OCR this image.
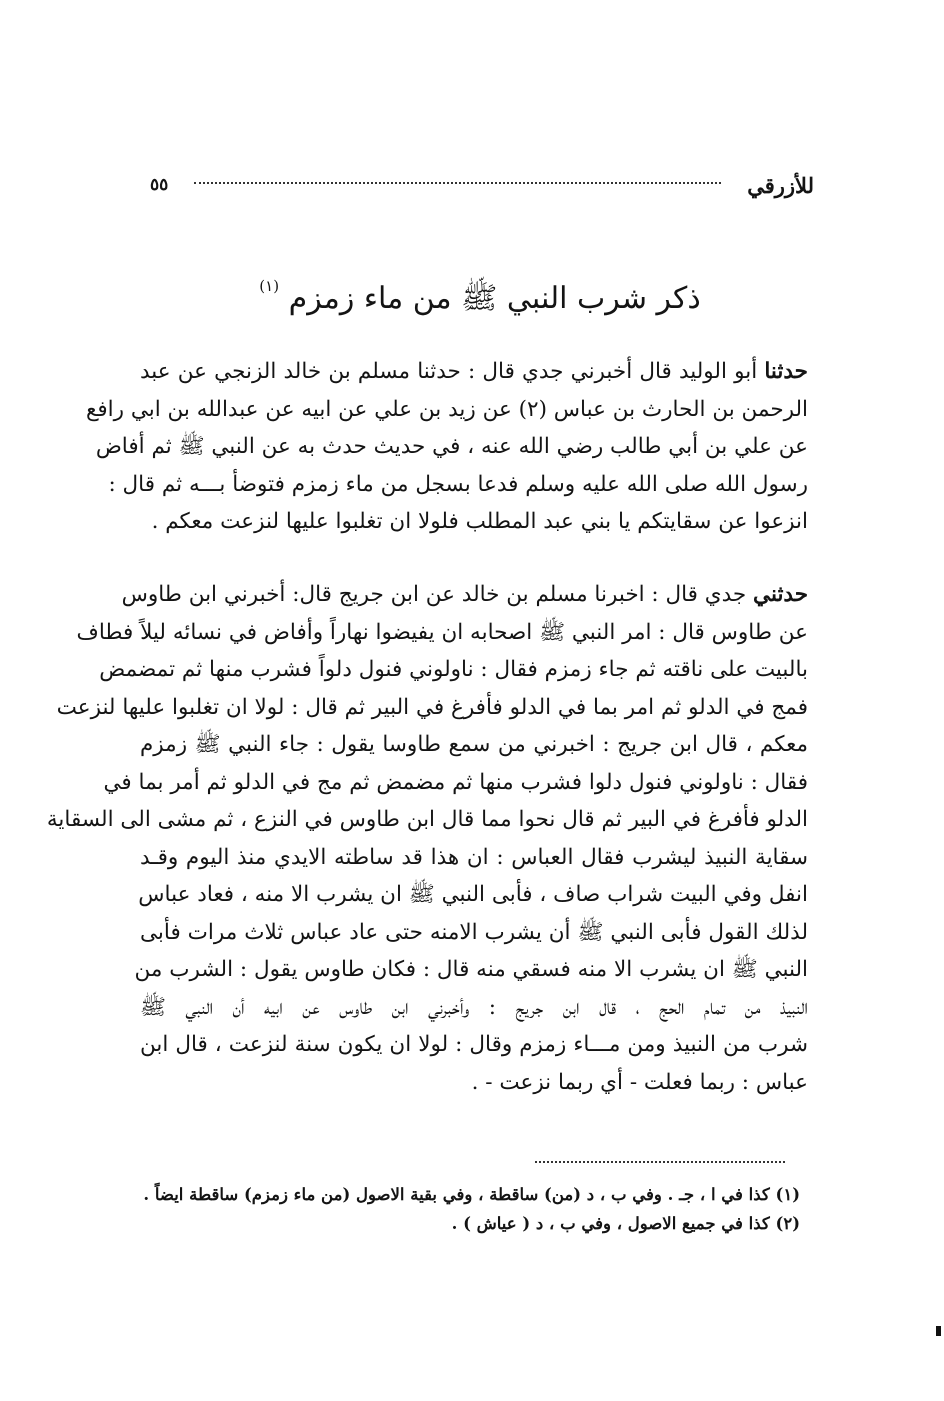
للأزرقي
٥٥
ذكر شرب النبي ﷺ من ماء زمزم $^{(١)}$
حدثنا أبو الوليد قال أخبرني جدي قال : حدثنا مسلم بن خالد الزنجي عن عبد
الرحمن بن الحارث بن عباس (٢) عن زيد بن علي عن ابيه عن عبدالله بن ابي رافع
عن علي بن أبي طالب رضي الله عنه ، في حديث حدث به عن النبي ﷺ ثم أفاض
رسول الله صلى الله عليه وسلم فدعا بسجل من ماء زمزم فتوضأ بـــه ثم قال :
انزعوا عن سقايتكم يا بني عبد المطلب فلولا ان تغلبوا عليها لنزعت معكم .
حدثني جدي قال : اخبرنا مسلم بن خالد عن ابن جريج قال: أخبرني ابن طاوس
عن طاوس قال : امر النبي ﷺ اصحابه ان يفيضوا نهاراً وأفاض في نسائه ليلاً فطاف
بالبيت على ناقته ثم جاء زمزم فقال : ناولوني فنول دلواً فشرب منها ثم تمضمض
فمج في الدلو ثم امر بما في الدلو فأفرغ في البير ثم قال : لولا ان تغلبوا عليها لنزعت
معكم ، قال ابن جريج : اخبرني من سمع طاوسا يقول : جاء النبي ﷺ زمزم
فقال : ناولوني فنول دلوا فشرب منها ثم مضمض ثم مج في الدلو ثم أمر بما في
الدلو فأفرغ في البير ثم قال نحوا مما قال ابن طاوس في النزع ، ثم مشى الى السقاية
سقاية النبيذ ليشرب فقال العباس : ان هذا قد ساطته الايدي منذ اليوم وقـد
انفل وفي البيت شراب صاف ، فأبى النبي ﷺ ان يشرب الا منه ، فعاد عباس
لذلك القول فأبى النبي ﷺ أن يشرب الامنه حتى عاد عباس ثلاث مرات فأبى
النبي ﷺ ان يشرب الا منه فسقي منه قال : فكان طاوس يقول : الشرب من
النبيذ من تمام الحج ، قال ابن جريج : وأخبرني ابن طاوس عن ابيه أن النبي ﷺ
شرب من النبيذ ومن مـــاء زمزم وقال : لولا ان يكون سنة لنزعت ، قال ابن
عباس : ربما فعلت - أي ربما نزعت - .
(١) كذا في ا ، جـ . وفي ب ، د (من) ساقطة ، وفي بقية الاصول (من ماء زمزم) ساقطة ايضاً .
(٢) كذا في جميع الاصول ، وفي ب ، د ( عياش ) .
